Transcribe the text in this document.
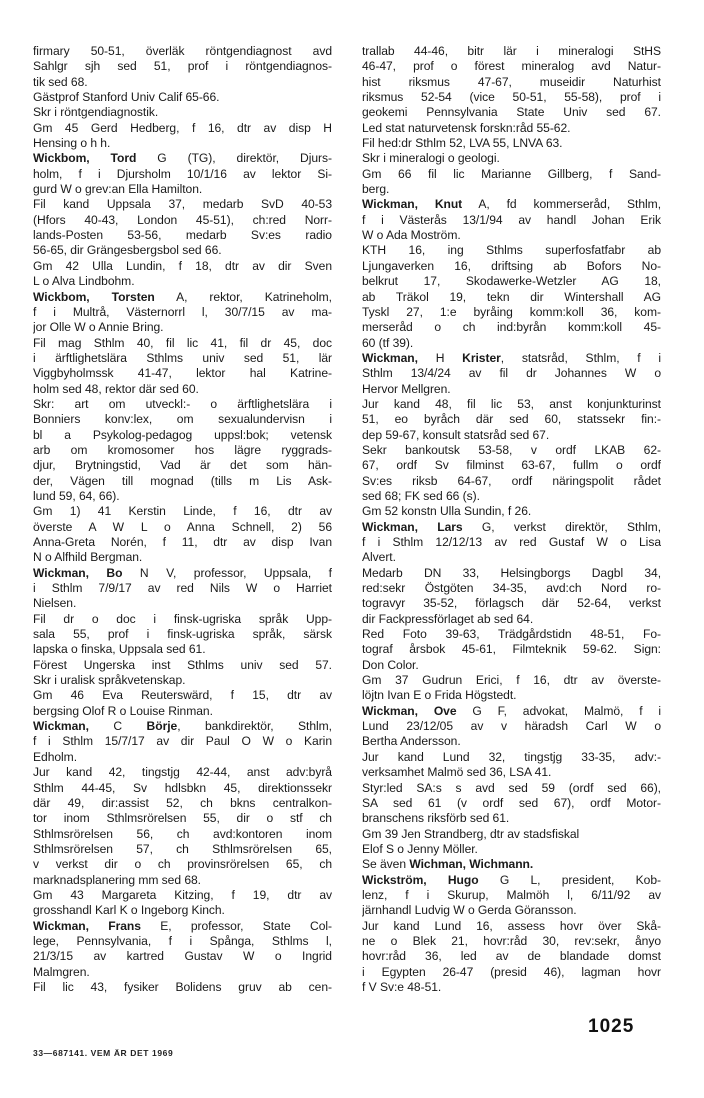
firmary 50-51, överläk röntgendiagnost avd
Sahlgr sjh sed 51, prof i röntgendiagnos-
tik sed 68.
Gästprof Stanford Univ Calif 65-66.
Skr i röntgendiagnostik.
Gm 45 Gerd Hedberg, f 16, dtr av disp H
Hensing o h h.
Wickbom, Tord G (TG), direktör, Djurs-
holm, f i Djursholm 10/1/16 av lektor Si-
gurd W o grev:an Ella Hamilton.
Fil kand Uppsala 37, medarb SvD 40-53
(Hfors 40-43, London 45-51), ch:red Norr-
lands-Posten 53-56, medarb Sv:es radio
56-65, dir Grängesbergsbol sed 66.
Gm 42 Ulla Lundin, f 18, dtr av dir Sven
L o Alva Lindbohm.
Wickbom, Torsten A, rektor, Katrineholm,
f i Multrå, Västernorrl l, 30/7/15 av ma-
jor Olle W o Annie Bring.
Fil mag Sthlm 40, fil lic 41, fil dr 45, doc
i ärftlighetslära Sthlms univ sed 51, lär
Viggbyholmssk 41-47, lektor hal Katrine-
holm sed 48, rektor där sed 60.
Skr: art om utveckl:- o ärftlighetslära i
Bonniers konv:lex, om sexualundervisn i
bl a Psykolog-pedagog uppsl:bok; vetensk
arb om kromosomer hos lägre ryggrads-
djur, Brytningstid, Vad är det som hän-
der, Vägen till mognad (tills m Lis Ask-
lund 59, 64, 66).
Gm 1) 41 Kerstin Linde, f 16, dtr av
överste A W L o Anna Schnell, 2) 56
Anna-Greta Norén, f 11, dtr av disp Ivan
N o Alfhild Bergman.
Wickman, Bo N V, professor, Uppsala, f
i Sthlm 7/9/17 av red Nils W o Harriet
Nielsen.
Fil dr o doc i finsk-ugriska språk Upp-
sala 55, prof i finsk-ugriska språk, särsk
lapska o finska, Uppsala sed 61.
Förest Ungerska inst Sthlms univ sed 57.
Skr i uralisk språkvetenskap.
Gm 46 Eva Reuterswärd, f 15, dtr av
bergsing Olof R o Louise Rinman.
Wickman, C Börje, bankdirektör, Sthlm,
f i Sthlm 15/7/17 av dir Paul O W o Karin
Edholm.
Jur kand 42, tingstjg 42-44, anst adv:byrå
Sthlm 44-45, Sv hdlsbkn 45, direktionssekr
där 49, dir:assist 52, ch bkns centralkon-
tor inom Sthlmsrörelsen 55, dir o stf ch
Sthlmsrörelsen 56, ch avd:kontoren inom
Sthlmsrörelsen 57, ch Sthlmsrörelsen 65,
v verkst dir o ch provinsrörelsen 65, ch
marknadsplanering mm sed 68.
Gm 43 Margareta Kitzing, f 19, dtr av
grosshandl Karl K o Ingeborg Kinch.
Wickman, Frans E, professor, State Col-
lege, Pennsylvania, f i Spånga, Sthlms l,
21/3/15 av kartred Gustav W o Ingrid
Malmgren.
Fil lic 43, fysiker Bolidens gruv ab cen-
trallab 44-46, bitr lär i mineralogi StHS
46-47, prof o förest mineralog avd Natur-
hist riksmus 47-67, museidir Naturhist
riksmus 52-54 (vice 50-51, 55-58), prof i
geokemi Pennsylvania State Univ sed 67.
Led stat naturvetensk forskn:råd 55-62.
Fil hed:dr Sthlm 52, LVA 55, LNVA 63.
Skr i mineralogi o geologi.
Gm 66 fil lic Marianne Gillberg, f Sand-
berg.
Wickman, Knut A, fd kommerseråd, Sthlm,
f i Västerås 13/1/94 av handl Johan Erik
W o Ada Moström.
KTH 16, ing Sthlms superfosfatfabr ab
Ljungaverken 16, driftsing ab Bofors No-
belkrut 17, Skodawerke-Wetzler AG 18,
ab Träkol 19, tekn dir Wintershall AG
Tyskl 27, 1:e byråing komm:koll 36, kom-
merseråd o ch ind:byrån komm:koll 45-
60 (tf 39).
Wickman, H Krister, statsråd, Sthlm, f i
Sthlm 13/4/24 av fil dr Johannes W o
Hervor Mellgren.
Jur kand 48, fil lic 53, anst konjunkturinst
51, eo byråch där sed 60, statssekr fin:-
dep 59-67, konsult statsråd sed 67.
Sekr bankoutsk 53-58, v ordf LKAB 62-
67, ordf Sv filminst 63-67, fullm o ordf
Sv:es riksb 64-67, ordf näringspolit rådet
sed 68; FK sed 66 (s).
Gm 52 konstn Ulla Sundin, f 26.
Wickman, Lars G, verkst direktör, Sthlm,
f i Sthlm 12/12/13 av red Gustaf W o Lisa
Alvert.
Medarb DN 33, Helsingborgs Dagbl 34,
red:sekr Östgöten 34-35, avd:ch Nord ro-
togravyr 35-52, förlagsch där 52-64, verkst
dir Fackpressförlaget ab sed 64.
Red Foto 39-63, Trädgårdstidn 48-51, Fo-
tograf årsbok 45-61, Filmteknik 59-62. Sign:
Don Color.
Gm 37 Gudrun Erici, f 16, dtr av överste-
löjtn Ivan E o Frida Högstedt.
Wickman, Ove G F, advokat, Malmö, f i
Lund 23/12/05 av v häradsh Carl W o
Bertha Andersson.
Jur kand Lund 32, tingstjg 33-35, adv:-
verksamhet Malmö sed 36, LSA 41.
Styr:led SA:s s avd sed 59 (ordf sed 66),
SA sed 61 (v ordf sed 67), ordf Motor-
branschens riksförb sed 61.
Gm 39 Jen Strandberg, dtr av stadsfiskal
Elof S o Jenny Möller.
Se även Wichman, Wichmann.
Wickström, Hugo G L, president, Kob-
lenz, f i Skurup, Malmöh l, 6/11/92 av
järnhandl Ludvig W o Gerda Göransson.
Jur kand Lund 16, assess hovr över Skå-
ne o Blek 21, hovr:råd 30, rev:sekr, ånyo
hovr:råd 36, led av de blandade domst
i Egypten 26-47 (presid 46), lagman hovr
f V Sv:e 48-51.
33—687141. VEM ÄR DET 1969
1025
